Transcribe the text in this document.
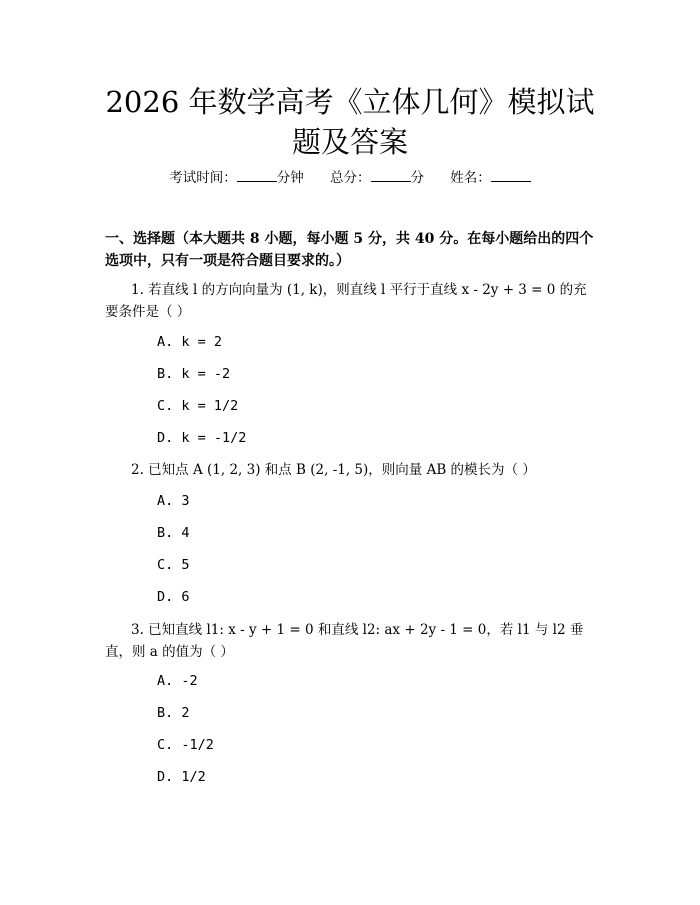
2026 年数学高考《立体几何》模拟试题及答案
考试时间：	分钟 总分：	分 姓名：
一、选择题（本大题共 8 小题，每小题 5 分，共 40 分。在每小题给出的四个选项中，只有一项是符合题目要求的。）
1. 若直线 l 的方向向量为 (1, k)，则直线 l 平行于直线 x - 2y + 3 = 0 的充要条件是（ ）
A. k = 2
B. k = -2
C. k = 1/2
D. k = -1/2
2. 已知点 A (1, 2, 3) 和点 B (2, -1, 5)，则向量 AB 的模长为（ ）
A. 3
B. 4
C. 5
D. 6
3. 已知直线 l1: x - y + 1 = 0 和直线 l2: ax + 2y - 1 = 0，若 l1 与 l2 垂直，则 a 的值为（ ）
A. -2
B. 2
C. -1/2
D. 1/2
